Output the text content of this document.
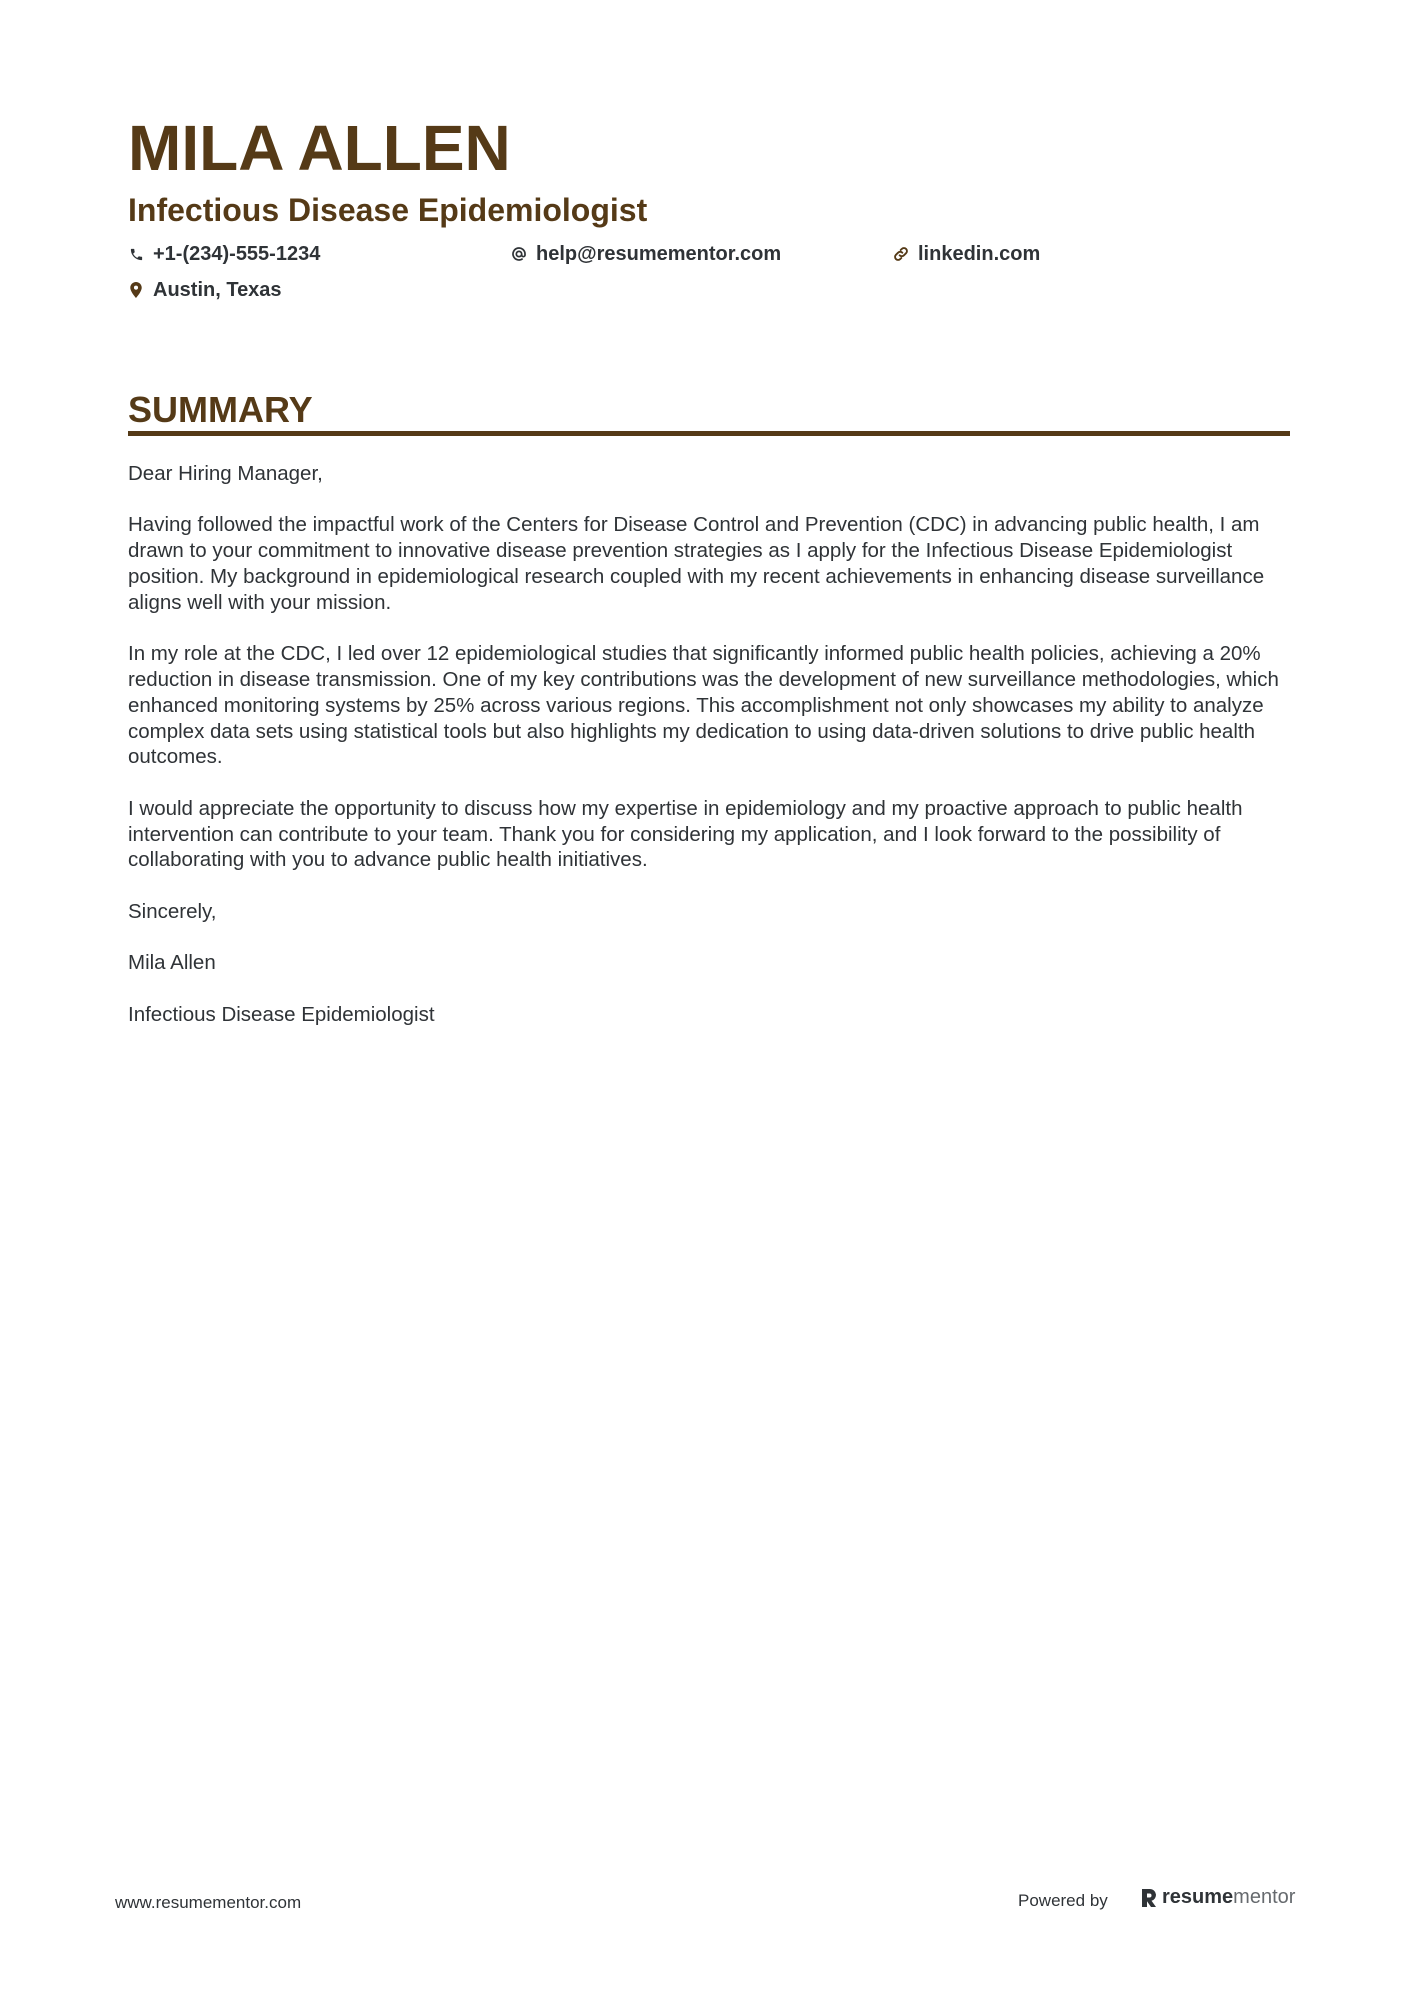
MILA ALLEN
Infectious Disease Epidemiologist
+1-(234)-555-1234	help@resumementor.com	linkedin.com
Austin, Texas
SUMMARY

Dear Hiring Manager,

Having followed the impactful work of the Centers for Disease Control and Prevention (CDC) in advancing public health, I am drawn to your commitment to innovative disease prevention strategies as I apply for the Infectious Disease Epidemiologist position. My background in epidemiological research coupled with my recent achievements in enhancing disease surveillance aligns well with your mission.

In my role at the CDC, I led over 12 epidemiological studies that significantly informed public health policies, achieving a 20% reduction in disease transmission. One of my key contributions was the development of new surveillance methodologies, which enhanced monitoring systems by 25% across various regions. This accomplishment not only showcases my ability to analyze complex data sets using statistical tools but also highlights my dedication to using data-driven solutions to drive public health outcomes.

I would appreciate the opportunity to discuss how my expertise in epidemiology and my proactive approach to public health intervention can contribute to your team. Thank you for considering my application, and I look forward to the possibility of collaborating with you to advance public health initiatives.

Sincerely,

Mila Allen

Infectious Disease Epidemiologist

www.resumementor.com	Powered by	resume mentor
